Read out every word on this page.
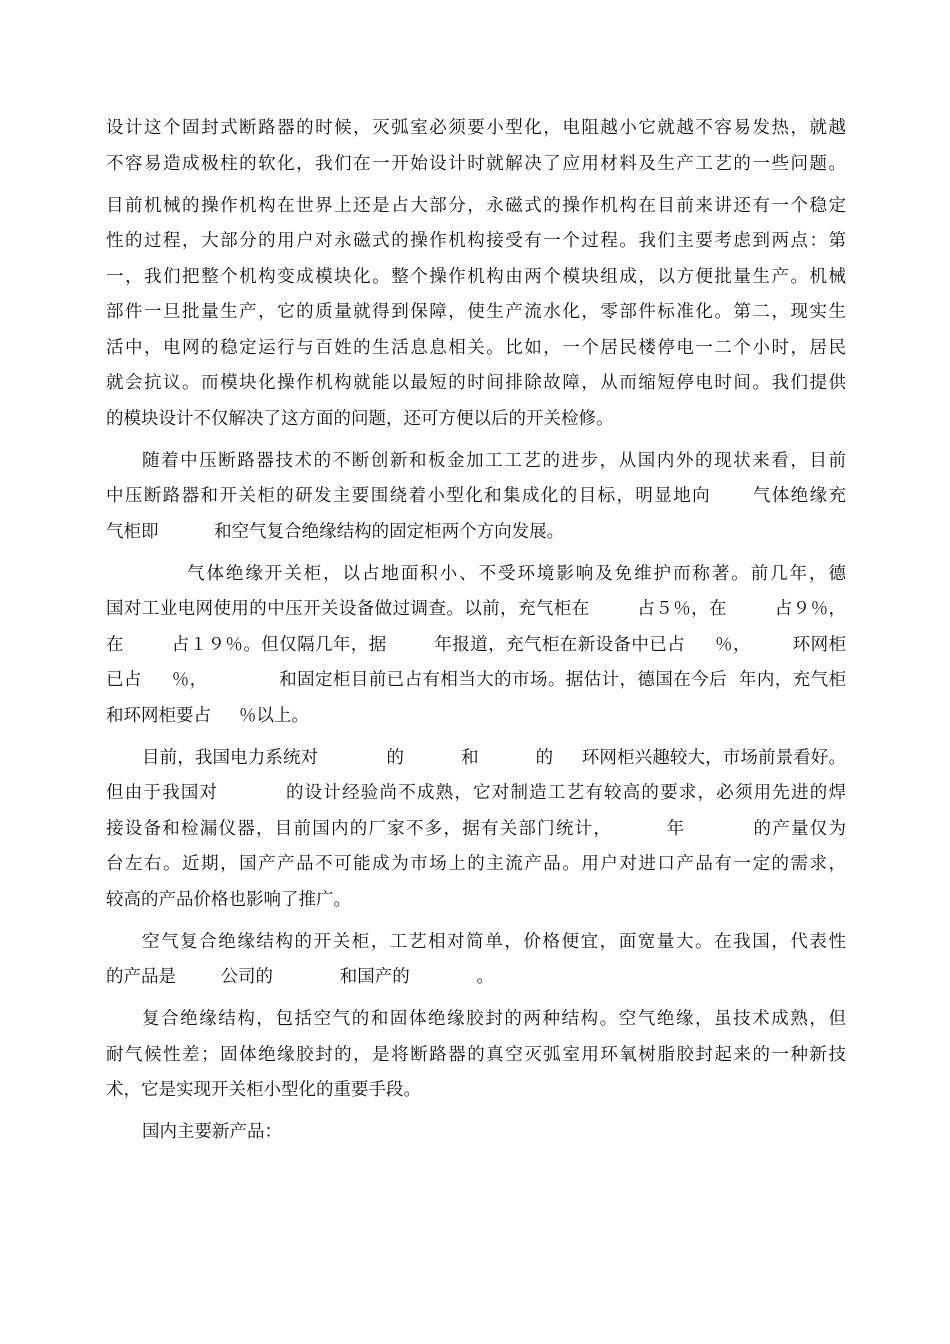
设计这个固封式断路器的时候，灭弧室必须要小型化，电阻越小它就越不容易发热，就越
不容易造成极柱的软化，我们在一开始设计时就解决了应用材料及生产工艺的一些问题。
目前机械的操作机构在世界上还是占大部分，永磁式的操作机构在目前来讲还有一个稳定
性的过程，大部分的用户对永磁式的操作机构接受有一个过程。我们主要考虑到两点：第
一，我们把整个机构变成模块化。整个操作机构由两个模块组成，以方便批量生产。机械
部件一旦批量生产，它的质量就得到保障，使生产流水化，零部件标准化。第二，现实生
活中，电网的稳定运行与百姓的生活息息相关。比如，一个居民楼停电一二个小时，居民
就会抗议。而模块化操作机构就能以最短的时间排除故障，从而缩短停电时间。我们提供
的模块设计不仅解决了这方面的问题，还可方便以后的开关检修。
随着中压断路器技术的不断创新和板金加工工艺的进步，从国内外的现状来看，目前
中压断路器和开关柜的研发主要围绕着小型化和集成化的目标，明显地向      气体绝缘充
气柜即          和空气复合绝缘结构的固定柜两个方向发展。
气体绝缘开关柜，以占地面积小、不受环境影响及免维护而称著。前几年，德
国对工业电网使用的中压开关设备做过调查。以前，充气柜在        占５％，在        占９％，
在        占１９％。但仅隔几年，据        年报道，充气柜在新设备中已占     ％，       环网柜
已占     ％，            和固定柜目前已占有相当大的市场。据估计，德国在今后  年内，充气柜
和环网柜要占     ％以上。
目前，我国电力系统对            的          和          的     环网柜兴趣较大，市场前景看好。
但由于我国对          的设计经验尚不成熟，它对制造工艺有较高的要求，必须用先进的焊
接设备和检漏仪器，目前国内的厂家不多，据有关部门统计，        年          的产量仅为
台左右。近期，国产产品不可能成为市场上的主流产品。用户对进口产品有一定的需求，
较高的产品价格也影响了推广。
空气复合绝缘结构的开关柜，工艺相对简单，价格便宜，面宽量大。在我国，代表性
的产品是        公司的            和国产的            。
复合绝缘结构，包括空气的和固体绝缘胶封的两种结构。空气绝缘，虽技术成熟，但
耐气候性差；固体绝缘胶封的，是将断路器的真空灭弧室用环氧树脂胶封起来的一种新技
术，它是实现开关柜小型化的重要手段。
国内主要新产品：
